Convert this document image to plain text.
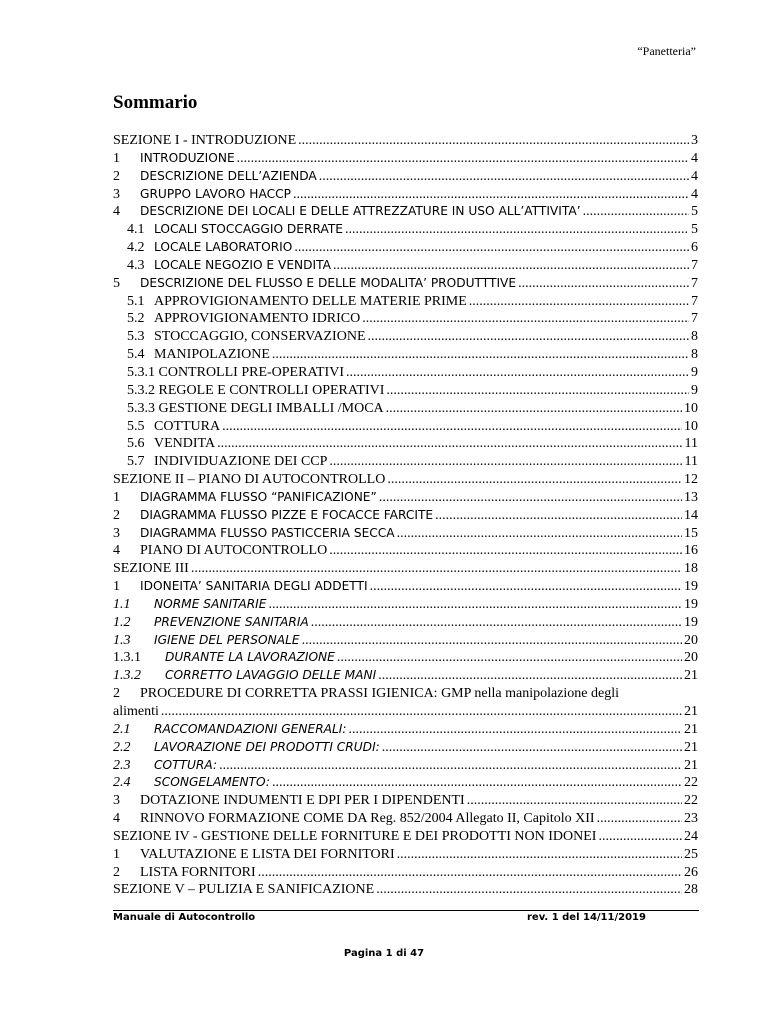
“Panetteria”
Sommario
SEZIONE I - INTRODUZIONE .....	3
1	INTRODUZIONE .....	4
2	DESCRIZIONE DELL’AZIENDA .....	4
3	GRUPPO LAVORO HACCP .....	4
4	DESCRIZIONE DEI LOCALI E DELLE ATTREZZATURE IN USO ALL’ATTIVITA’ .....	5
4.1 LOCALI STOCCAGGIO DERRATE .....	5
4.2 LOCALE LABORATORIO .....	6
4.3 LOCALE NEGOZIO E VENDITA .....	7
5	DESCRIZIONE DEL FLUSSO E DELLE MODALITA’ PRODUTTTIVE .....	7
5.1 APPROVIGIONAMENTO DELLE MATERIE PRIME .....	7
5.2 APPROVIGIONAMENTO IDRICO .....	7
5.3 STOCCAGGIO, CONSERVAZIONE .....	8
5.4 MANIPOLAZIONE .....	8
5.3.1 CONTROLLI PRE-OPERATIVI .....	9
5.3.2 REGOLE E CONTROLLI OPERATIVI .....	9
5.3.3 GESTIONE DEGLI IMBALLI /MOCA .....	10
5.5 COTTURA .....	10
5.6 VENDITA .....	11
5.7 INDIVIDUAZIONE DEI CCP .....	11
SEZIONE II – PIANO DI AUTOCONTROLLO .....	12
1	DIAGRAMMA FLUSSO “PANIFICAZIONE” .....	13
2	DIAGRAMMA FLUSSO PIZZE E FOCACCE FARCITE .....	14
3	DIAGRAMMA FLUSSO PASTICCERIA SECCA .....	15
4	PIANO DI AUTOCONTROLLO .....	16
SEZIONE III .....	18
1	IDONEITA’ SANITARIA DEGLI ADDETTI .....	19
1.1	NORME SANITARIE .....	19
1.2	PREVENZIONE SANITARIA .....	19
1.3	IGIENE DEL PERSONALE .....	20
1.3.1	DURANTE LA LAVORAZIONE .....	20
1.3.2	CORRETTO LAVAGGIO DELLE MANI .....	21
2 PROCEDURE DI CORRETTA PRASSI IGIENICA: GMP nella manipolazione degli
alimenti .....	21
2.1	RACCOMANDAZIONI GENERALI: .....	21
2.2	LAVORAZIONE DEI PRODOTTI CRUDI: .....	21
2.3	COTTURA: .....	21
2.4	SCONGELAMENTO: .....	22
3	DOTAZIONE INDUMENTI E DPI PER I DIPENDENTI .....	22
4	RINNOVO FORMAZIONE COME DA Reg. 852/2004 Allegato II, Capitolo XII .....	23
SEZIONE IV - GESTIONE DELLE FORNITURE E DEI PRODOTTI NON IDONEI .....	24
1	VALUTAZIONE E LISTA DEI FORNITORI .....	25
2	LISTA FORNITORI .....	26
SEZIONE V – PULIZIA E SANIFICAZIONE .....	28
Manuale di Autocontrollo	rev. 1 del 14/11/2019
Pagina 1 di 47
